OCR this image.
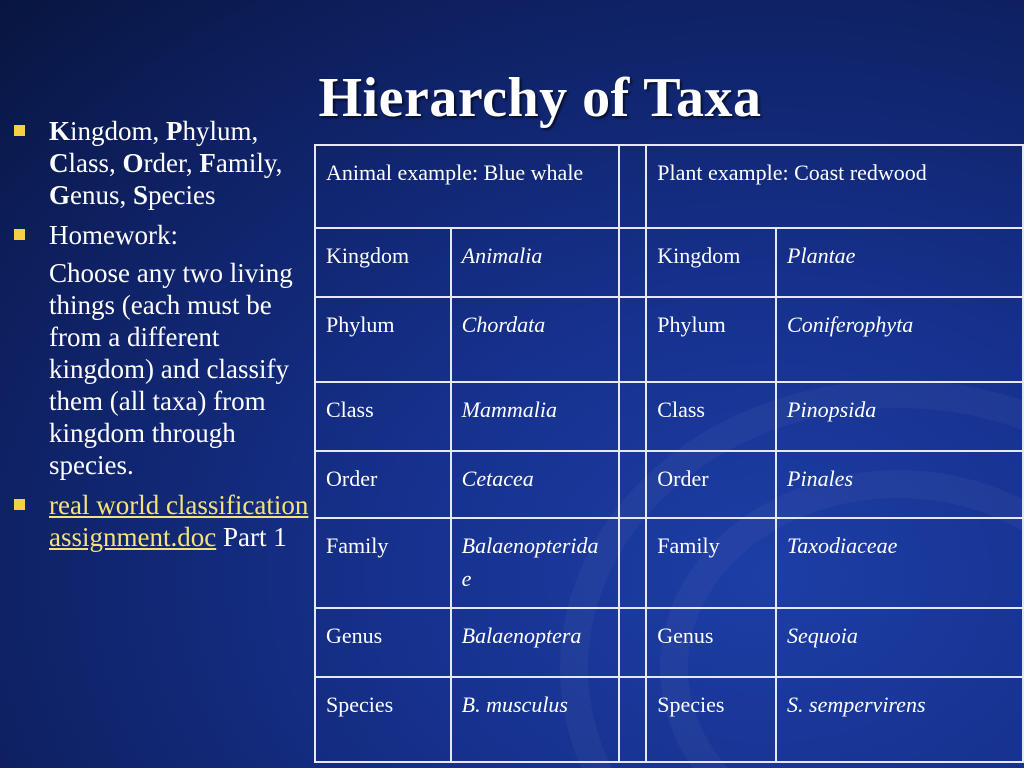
Hierarchy of Taxa
Kingdom, Phylum, Class, Order, Family, Genus, Species
Homework:
Choose any two living things (each must be from a different kingdom) and classify them (all taxa) from kingdom through species.
real world classification assignment.doc Part 1
Animal example: Blue whale			Plant example: Coast redwood	
Kingdom	Animalia		Kingdom	Plantae
Phylum	Chordata		Phylum	Coniferophyta
Class	Mammalia		Class	Pinopsida
Order	Cetacea		Order	Pinales
Family	Balaenopterida e		Family	Taxodiaceae
Genus	Balaenoptera		Genus	Sequoia
Species	B. musculus		Species	S. sempervirens
